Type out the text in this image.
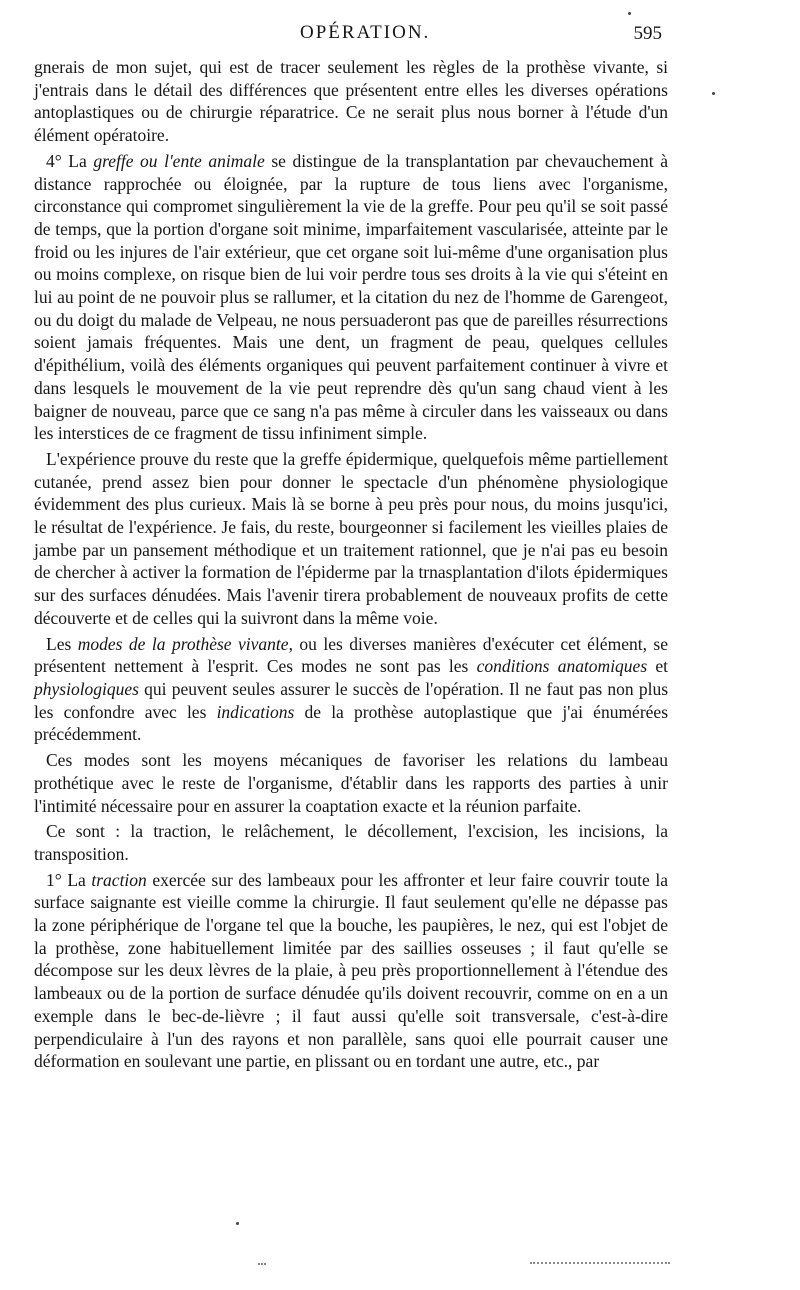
OPÉRATION.	595

gnerais de mon sujet, qui est de tracer seulement les règles de la prothèse vivante, si j'entrais dans le détail des différences que présentent entre elles les diverses opérations antoplastiques ou de chirurgie réparatrice. Ce ne serait plus nous borner à l'étude d'un élément opératoire.

4° La greffe ou l'ente animale se distingue de la transplantation par chevauchement à distance rapprochée ou éloignée, par la rupture de tous liens avec l'organisme, circonstance qui compromet singulièrement la vie de la greffe. Pour peu qu'il se soit passé de temps, que la portion d'organe soit minime, imparfaitement vascularisée, atteinte par le froid ou les injures de l'air extérieur, que cet organe soit lui-même d'une organisation plus ou moins complexe, on risque bien de lui voir perdre tous ses droits à la vie qui s'éteint en lui au point de ne pouvoir plus se rallumer, et la citation du nez de l'homme de Garengeot, ou du doigt du malade de Velpeau, ne nous persuaderont pas que de pareilles résurrections soient jamais fréquentes. Mais une dent, un fragment de peau, quelques cellules d'épithélium, voilà des éléments organiques qui peuvent parfaitement continuer à vivre et dans lesquels le mouvement de la vie peut reprendre dès qu'un sang chaud vient à les baigner de nouveau, parce que ce sang n'a pas même à circuler dans les vaisseaux ou dans les interstices de ce fragment de tissu infiniment simple.

L'expérience prouve du reste que la greffe épidermique, quelquefois même partiellement cutanée, prend assez bien pour donner le spectacle d'un phénomène physiologique évidemment des plus curieux. Mais là se borne à peu près pour nous, du moins jusqu'ici, le résultat de l'expérience. Je fais, du reste, bourgeonner si facilement les vieilles plaies de jambe par un pansement méthodique et un traitement rationnel, que je n'ai pas eu besoin de chercher à activer la formation de l'épiderme par la trnasplantation d'ilots épidermiques sur des surfaces dénudées. Mais l'avenir tirera probablement de nouveaux profits de cette découverte et de celles qui la suivront dans la même voie.

Les modes de la prothèse vivante, ou les diverses manières d'exécuter cet élément, se présentent nettement à l'esprit. Ces modes ne sont pas les conditions anatomiques et physiologiques qui peuvent seules assurer le succès de l'opération. Il ne faut pas non plus les confondre avec les indications de la prothèse autoplastique que j'ai énumérées précédemment.

Ces modes sont les moyens mécaniques de favoriser les relations du lambeau prothétique avec le reste de l'organisme, d'établir dans les rapports des parties à unir l'intimité nécessaire pour en assurer la coaptation exacte et la réunion parfaite.

Ce sont : la traction, le relâchement, le décollement, l'excision, les incisions, la transposition.

1° La traction exercée sur des lambeaux pour les affronter et leur faire couvrir toute la surface saignante est vieille comme la chirurgie. Il faut seulement qu'elle ne dépasse pas la zone périphérique de l'organe tel que la bouche, les paupières, le nez, qui est l'objet de la prothèse, zone habituellement limitée par des saillies osseuses ; il faut qu'elle se décompose sur les deux lèvres de la plaie, à peu près proportionnellement à l'étendue des lambeaux ou de la portion de surface dénudée qu'ils doivent recouvrir, comme on en a un exemple dans le bec-de-lièvre ; il faut aussi qu'elle soit transversale, c'est-à-dire perpendiculaire à l'un des rayons et non parallèle, sans quoi elle pourrait causer une déformation en soulevant une partie, en plissant ou en tordant une autre, etc., par
